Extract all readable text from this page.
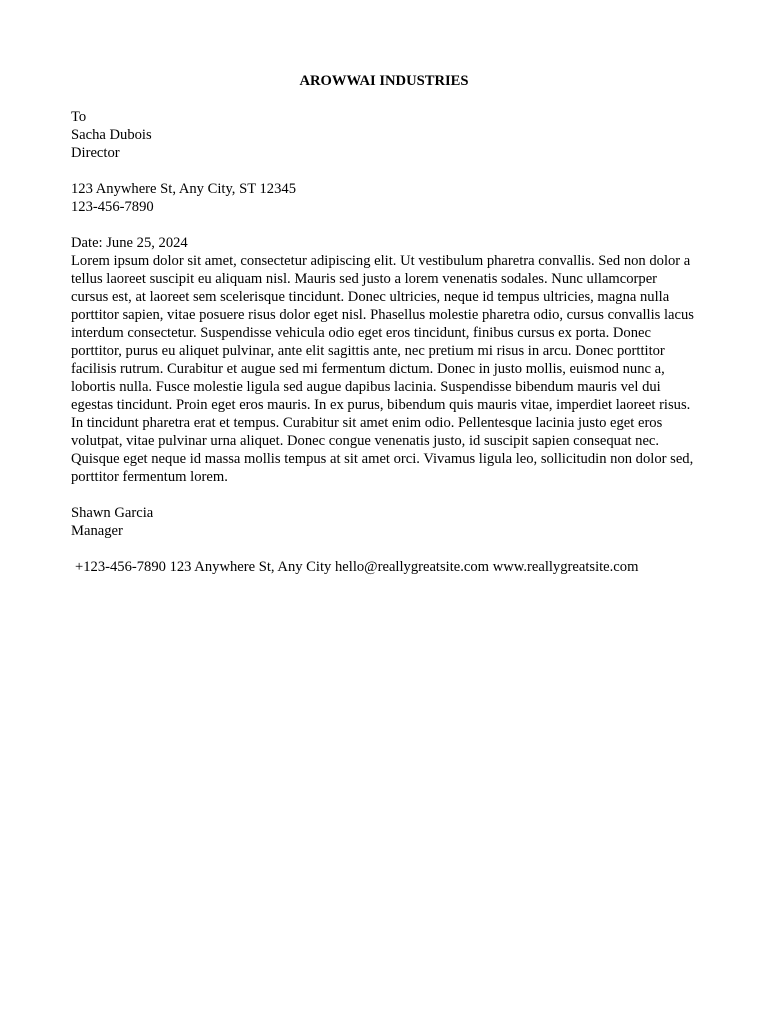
AROWWAI INDUSTRIES
To
Sacha Dubois
Director
123 Anywhere St, Any City, ST 12345
123-456-7890
Date: June 25, 2024
Lorem ipsum dolor sit amet, consectetur adipiscing elit. Ut vestibulum pharetra convallis. Sed non dolor a tellus laoreet suscipit eu aliquam nisl. Mauris sed justo a lorem venenatis sodales. Nunc ullamcorper cursus est, at laoreet sem scelerisque tincidunt. Donec ultricies, neque id tempus ultricies, magna nulla porttitor sapien, vitae posuere risus dolor eget nisl. Phasellus molestie pharetra odio, cursus convallis lacus interdum consectetur. Suspendisse vehicula odio eget eros tincidunt, finibus cursus ex porta. Donec porttitor, purus eu aliquet pulvinar, ante elit sagittis ante, nec pretium mi risus in arcu. Donec porttitor facilisis rutrum. Curabitur et augue sed mi fermentum dictum. Donec in justo mollis, euismod nunc a, lobortis nulla. Fusce molestie ligula sed augue dapibus lacinia. Suspendisse bibendum mauris vel dui egestas tincidunt. Proin eget eros mauris. In ex purus, bibendum quis mauris vitae, imperdiet laoreet risus. In tincidunt pharetra erat et tempus. Curabitur sit amet enim odio. Pellentesque lacinia justo eget eros volutpat, vitae pulvinar urna aliquet. Donec congue venenatis justo, id suscipit sapien consequat nec. Quisque eget neque id massa mollis tempus at sit amet orci. Vivamus ligula leo, sollicitudin non dolor sed, porttitor fermentum lorem.
Shawn Garcia
Manager
+123-456-7890 123 Anywhere St, Any City hello@reallygreatsite.com www.reallygreatsite.com
